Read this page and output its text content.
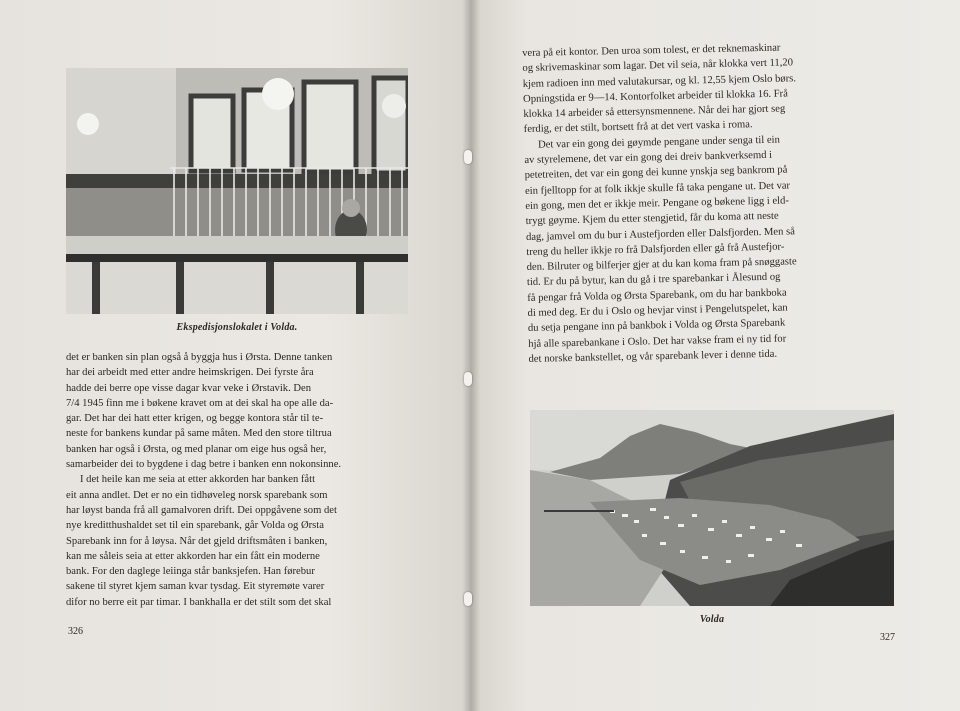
Ekspedisjonslokalet i Volda.
det er banken sin plan også å byggja hus i Ørsta. Denne tanken
har dei arbeidt med etter andre heimskrigen. Dei fyrste åra
hadde dei berre ope visse dagar kvar veke i Ørstavik. Den
7/4 1945 finn me i bøkene kravet om at dei skal ha ope alle da-
gar. Det har dei hatt etter krigen, og begge kontora står til te-
neste for bankens kundar på same måten. Med den store tiltrua
banken har også i Ørsta, og med planar om eige hus også her,
samarbeider dei to bygdene i dag betre i banken enn nokonsinne.
I det heile kan me seia at etter akkorden har banken fått
eit anna andlet. Det er no ein tidhøveleg norsk sparebank som
har løyst banda frå all gamalvoren drift. Dei oppgåvene som det
nye kreditthushaldet set til ein sparebank, går Volda og Ørsta
Sparebank inn for å løysa. Når det gjeld driftsmåten i banken,
kan me såleis seia at etter akkorden har ein fått ein moderne
bank. For den daglege leiinga står banksjefen. Han førebur
sakene til styret kjem saman kvar tysdag. Eit styremøte varer
difor no berre eit par timar. I bankhalla er det stilt som det skal
326
vera på eit kontor. Den uroa som tolest, er det reknemaskinar
og skrivemaskinar som lagar. Det vil seia, når klokka vert 11,20
kjem radioen inn med valutakursar, og kl. 12,55 kjem Oslo børs.
Opningstida er 9—14. Kontorfolket arbeider til klokka 16. Frå
klokka 14 arbeider så ettersynsmennene. Når dei har gjort seg
ferdig, er det stilt, bortsett frå at det vert vaska i roma.
Det var ein gong dei gøymde pengane under senga til ein
av styrelemene, det var ein gong dei dreiv bankverksemd i
petetreiten, det var ein gong dei kunne ynskja seg bankrom på
ein fjelltopp for at folk ikkje skulle få taka pengane ut. Det var
ein gong, men det er ikkje meir. Pengane og bøkene ligg i eld-
trygt gøyme. Kjem du etter stengjetid, får du koma att neste
dag, jamvel om du bur i Austefjorden eller Dalsfjorden. Men så
treng du heller ikkje ro frå Dalsfjorden eller gå frå Austefjor-
den. Bilruter og bilferjer gjer at du kan koma fram på snøggaste
tid. Er du på bytur, kan du gå i tre sparebankar i Ålesund og
få pengar frå Volda og Ørsta Sparebank, om du har bankboka
di med deg. Er du i Oslo og hevjar vinst i Pengelutspelet, kan
du setja pengane inn på bankbok i Volda og Ørsta Sparebank
hjå alle sparebankane i Oslo. Det har vakse fram ei ny tid for
det norske bankstellet, og vår sparebank lever i denne tida.
Volda
327
